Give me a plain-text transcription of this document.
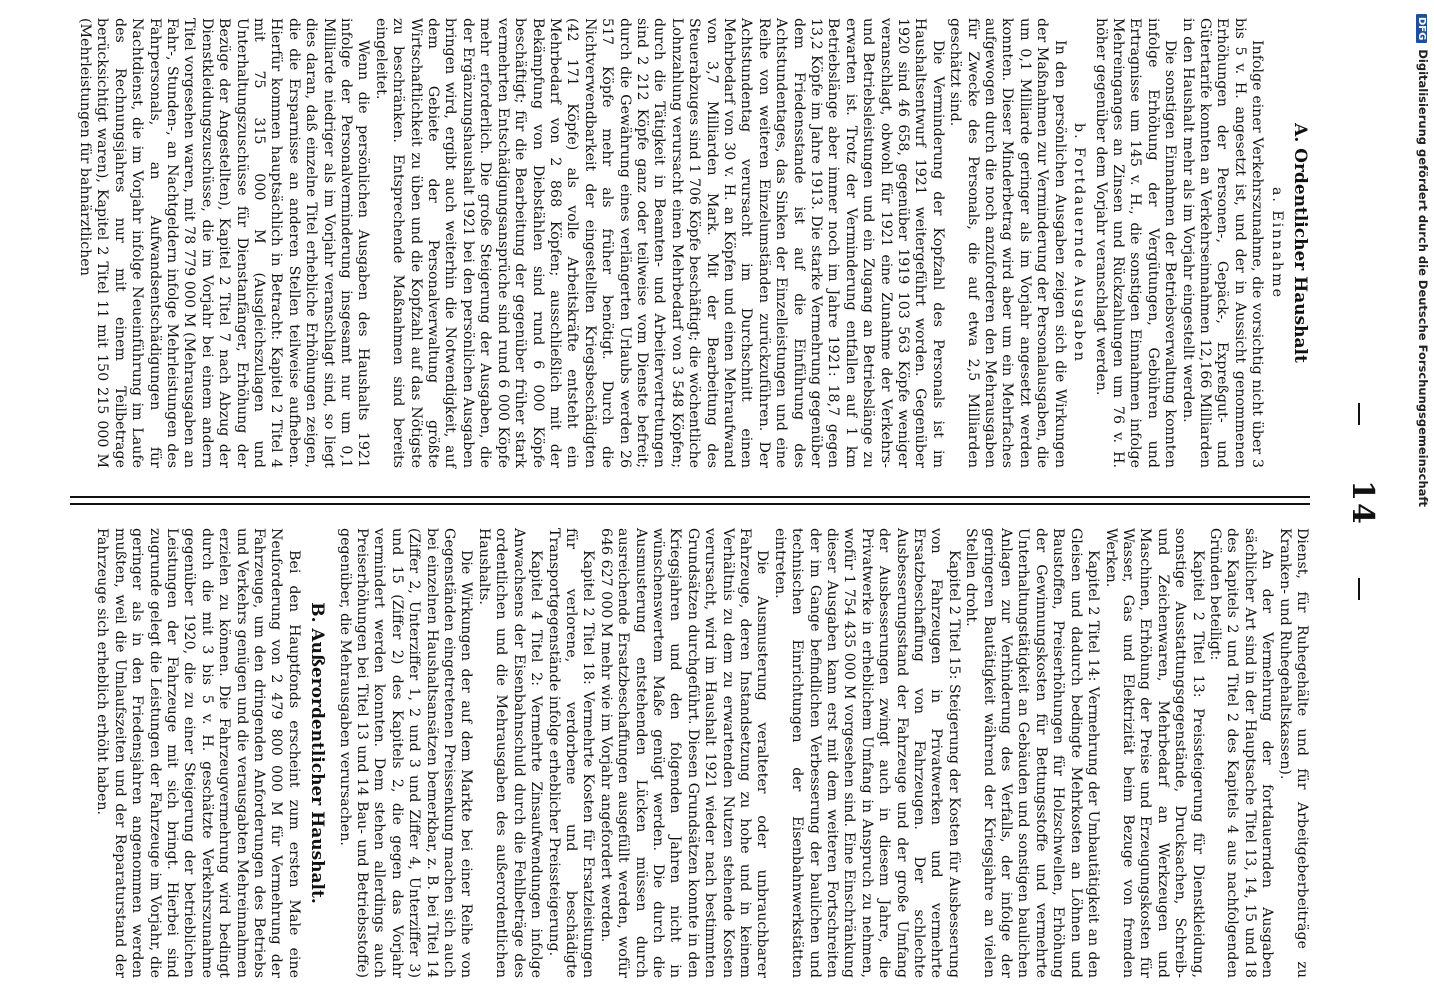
14
A. Ordentlicher Haushalt
a. Einnahme

Infolge einer Verkehrszunahme, die vorsichtig nicht über 3 bis 5 v. H. angesetzt ist, und der in Aussicht genommenen Erhöhungen der Personen-, Gepäck-, Expreßgut- und Gütertarife konnten an Verkehrseinnahmen 12,166 Milliarden in den Haushalt mehr als im Vorjahr eingestellt werden.

Die sonstigen Einnahmen der Betriebsverwaltung konnten infolge Erhöhung der Vergütungen, Gebühren und Ertragnisse um 145 v. H., die sonstigen Einnahmen infolge Mehreinganges an Zinsen und Rückzahlungen um 76 v. H. höher gegenüber dem Vorjahr veranschlagt werden.

b. Fortdauernde Ausgaben

In den persönlichen Ausgaben zeigen sich die Wirkungen der Maßnahmen zur Verminderung der Personalausgaben, die um 0,1 Milliarde geringer als im Vorjahr angesetzt werden konnten. Dieser Minderbetrag wird aber um ein Mehrfaches aufgewogen durch die noch anzuforderen den Mehrausgaben für Zwecke des Personals, die auf etwa 2,5 Milliarden geschätzt sind.

Die Verminderung der Kopfzahl des Personals ist im Haushaltsentwurf 1921 weitergeführt worden. Gegenüber 1920 sind 46 658, gegenüber 1919 103 563 Köpfe weniger veranschlagt, obwohl für 1921 eine Zunahme der Verkehrs- und Betriebsleistungen und ein Zugang an Betriebslänge zu erwarten ist. Trotz der Verminderung entfallen auf 1 km Betriebslänge aber immer noch im Jahre 1921: 18,7 gegen 13,2 Köpfe im Jahre 1913. Die starke Vermehrung gegenüber dem Friedensstande ist auf die Einführung des Achtstundentages, das Sinken der Einzelleistungen und eine Reihe von weiteren Einzelumständen zurückzuführen. Der Achtstundentag verursacht im Durchschnitt einen Mehrbedarf von 30 v. H. an Köpfen und einen Mehraufwand von 3,7 Milliarden Mark. Mit der Bearbeitung des Steuerabzuges sind 1 706 Köpfe beschäftigt; die wöchentliche Lohnzahlung verursacht einen Mehrbedarf von 3 548 Köpfen; durch die Tätigkeit in Beamten- und Arbeitervertretungen sind 2 212 Köpfe ganz oder teilweise vom Dienste befreit; durch die Gewährung eines verlängerten Urlaubs werden 26 517 Köpfe mehr als früher benötigt. Durch die Nichtverwendbarkeit der eingestellten Kriegsbeschädigten (42 171 Köpfe) als volle Arbeitskräfte entsteht ein Mehrbedarf von 2 868 Köpfen; ausschließlich mit der Bekämpfung von Diebstählen sind rund 6 000 Köpfe beschäftigt; für die Bearbeitung der gegenüber früher stark vermehrten Entschädigungsansprüche sind rund 6 000 Köpfe mehr erforderlich. Die große Steigerung der Ausgaben, die der Ergänzungshaushalt 1921 bei den persönlichen Ausgaben bringen wird, ergibt auch weiterhin die Notwendigkeit, auf dem Gebiete der Personalverwaltung größte Wirtschaftlichkeit zu üben und die Kopfzahl auf das Nötigste zu beschränken. Entsprechende Maßnahmen sind bereits eingeleitet.

Wenn die persönlichen Ausgaben des Haushalts 1921 infolge der Personalverminderung insgesamt nur um 0,1 Milliarde niedriger als im Vorjahr veranschlagt sind, so liegt dies daran, daß einzelne Titel erhebliche Erhöhungen zeigen, die die Ersparnisse an anderen Stellen teilweise aufheben. Hierfür kommen hauptsächlich in Betracht: Kapitel 2 Titel 4 mit 75 315 000 M (Ausgleichszulagen und Unterhaltungszuschüsse für Dienstanfänger, Erhöhung der Bezüge der Angestellten), Kapitel 2 Titel 7 nach Abzug der Dienstkleidungszuschüsse, die im Vorjahr bei einem andern Titel vorgesehen waren, mit 78 779 000 M (Mehrausgaben an Fahr-, Stunden-, an Nachtgeldern infolge Mehrleistungen des Fahrpersonals, an Aufwandsentschädigungen für Nachtdienst, die im Vorjahr infolge Neueinführung im Laufe des Rechnungsjahres nur mit einem Teilbetrage berücksichtigt waren), Kapitel 2 Titel 11 mit 150 215 000 M (Mehrleistungen für bahnärztlichen

Dienst, für Ruhegehälte und für Arbeitgeberbeiträge zu Kranken- und Ruhegehaltskassen).

An der Vermehrung der fortdauernden Ausgaben sächlicher Art sind in der Hauptsache Titel 13, 14, 15 und 18 des Kapitels 2 und Titel 2 des Kapitels 4 aus nachfolgenden Gründen beteiligt:

Kapitel 2 Titel 13: Preissteigerung für Dienstkleidung, sonstige Ausstattungsgegenstände, Drucksachen, Schreib- und Zeichenwaren, Mehrbedarf an Werkzeugen und Maschinen, Erhöhung der Preise und Erzeugungskosten für Wasser, Gas und Elektrizität beim Bezuge von fremden Werken.

Kapitel 2 Titel 14: Vermehrung der Umbautätigkeit an den Gleisen und dadurch bedingte Mehrkosten an Löhnen und Baustoffen, Preiserhöhungen für Holzschwellen, Erhöhung der Gewinnungskosten für Bettungsstoffe und vermehrte Unterhaltungstätigkeit an Gebäuden und sonstigen baulichen Anlagen zur Verhinderung des Verfalls, der infolge der geringeren Bautätigkeit während der Kriegsjahre an vielen Stellen droht.

Kapitel 2 Titel 15: Steigerung der Kosten für Ausbesserung von Fahrzeugen in Privatwerken und vermehrte Ersatzbeschaffung von Fahrzeugen. Der schlechte Ausbesserungsstand der Fahrzeuge und der große Umfang der Ausbesserungen zwingt auch in diesem Jahre, die Privatwerke in erheblichem Umfang in Anspruch zu nehmen, wofür 1 754 435 000 M vorgesehen sind. Eine Einschränkung dieser Ausgaben kann erst mit dem weiteren Fortschreiten der im Gange befindlichen Verbesserung der baulichen und technischen Einrichtungen der Eisenbahnwerkstätten eintreten.

Die Ausmusterung veralteter oder unbrauchbarer Fahrzeuge, deren Instandsetzung zu hohe und in keinem Verhältnis zu dem zu erwartenden Nutzen stehende Kosten verursacht, wird im Haushalt 1921 wieder nach bestimmten Grundsätzen durchgeführt. Diesen Grundsätzen konnte in den Kriegsjahren und den folgenden Jahren nicht in wünschenswertem Maße genügt werden. Die durch die Ausmusterung entstehenden Lücken müssen durch ausreichende Ersatzbeschaffungen ausgefüllt werden, wofür 646 627 000 M mehr wie im Vorjahr angefordert werden.

Kapitel 2 Titel 18: Vermehrte Kosten für Ersatzleistungen für verlorene, verdorbene und beschädigte Transportgegenstände infolge erheblicher Preissteigerung.

Kapitel 4 Titel 2: Vermehrte Zinsaufwendungen infolge Anwachsens der Eisenbahnschuld durch die Fehlbeträge des ordentlichen und die Mehrausgaben des außerordentlichen Haushalts.

Die Wirkungen der auf dem Markte bei einer Reihe von Gegenständen eingetretenen Preissenkung machen sich auch bei einzelnen Haushaltsansätzen bemerkbar, z. B. bei Titel 14 (Ziffer 2, Unterziffer 1, 2 und 3 und Ziffer 4, Unterziffer 3) und 15 (Ziffer 2) des Kapitels 2, die gegen das Vorjahr vermindert werden konnten. Dem stehen allerdings auch Preiserhöhungen bei Titel 13 und 14 Bau- und Betriebsstoffe) gegenüber, die Mehrausgaben verursachen.

B. Außerordentlicher Haushalt.

Bei den Hauptfonds erscheint zum ersten Male eine Neuforderung von 2 479 800 000 M für Vermehrung der Fahrzeuge, um den dringenden Anforderungen des Betriebs und Verkehrs genügen und die verausgabten Mehreinnahmen erzielen zu können. Die Fahrzeugvermehrung wird bedingt durch die mit 3 bis 5 v. H. geschätzte Verkehrszunahme gegenüber 1920, die zu einer Steigerung der betrieblichen Leistungen der Fahrzeuge mit sich bringt. Hierbei sind zugrunde gelegt die Leistungen der Fahrzeuge im Vorjahr, die geringer als in den Friedensjahren angenommen werden mußten, weil die Umlaufszeiten und der Reparaturstand der Fahrzeuge sich erheblich erhöht haben.

DFGDigitalisierung gefördert durch die Deutsche Forschungsgemeinschaft
